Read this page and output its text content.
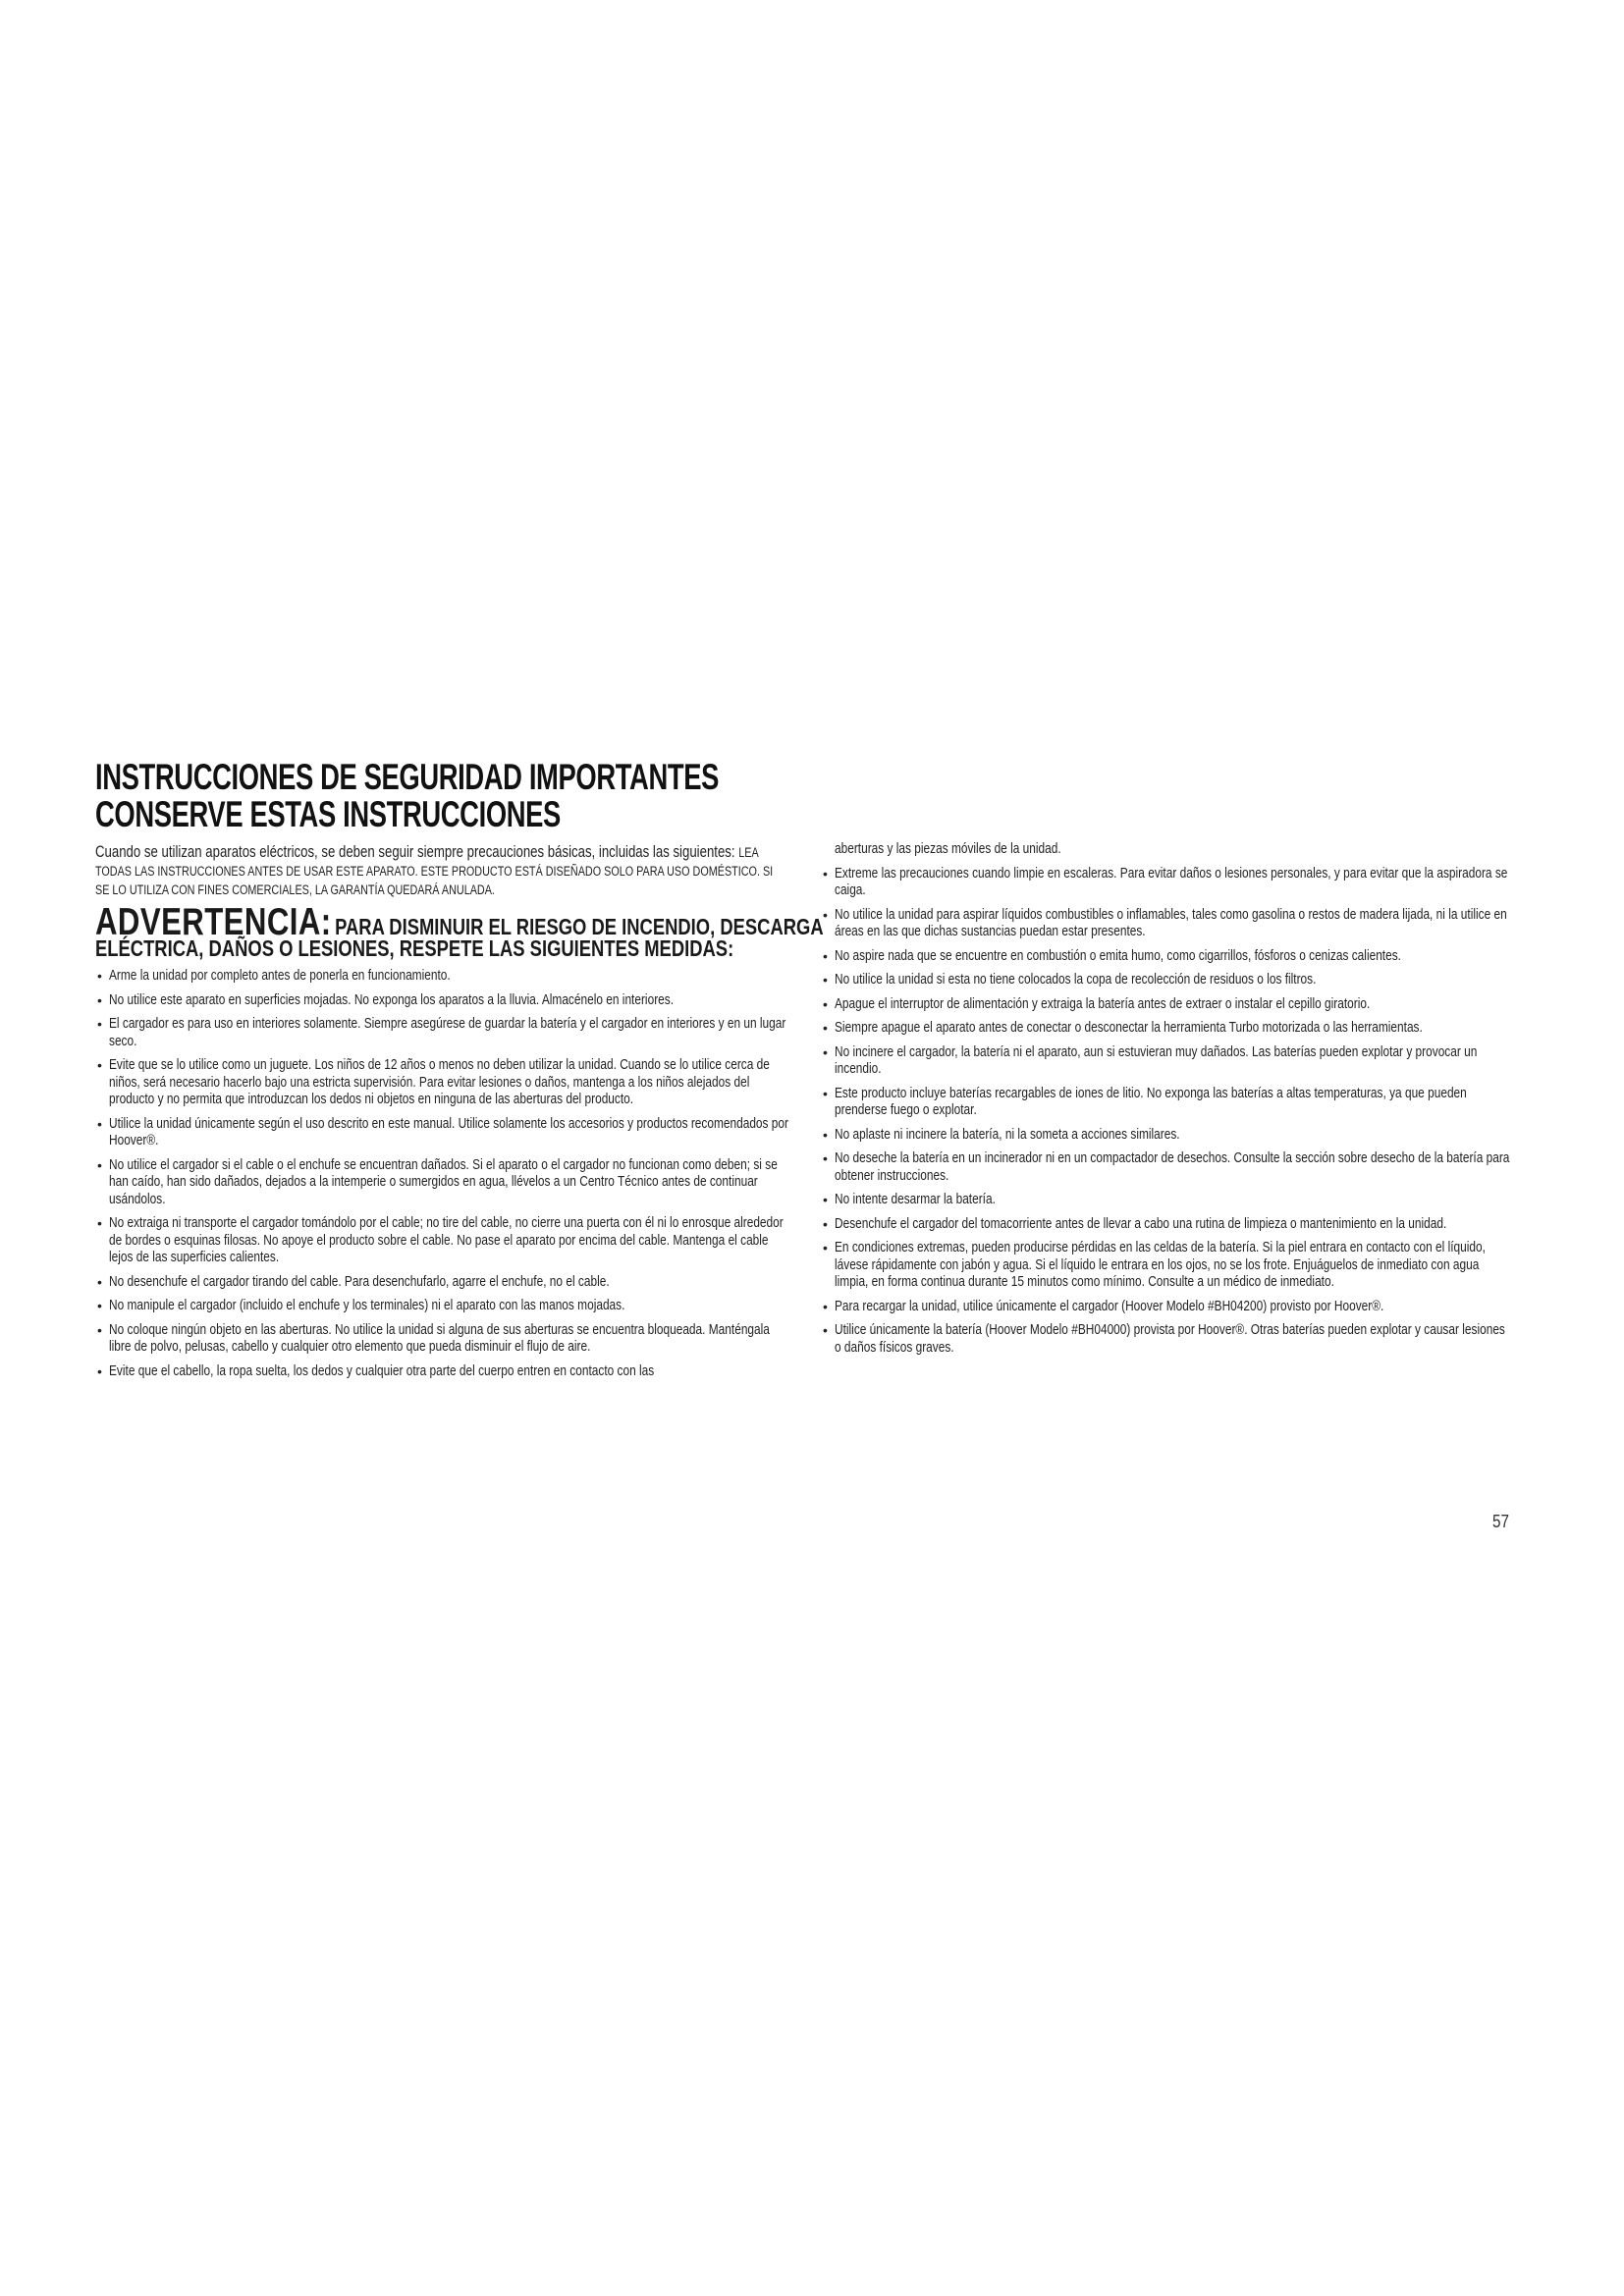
INSTRUCCIONES DE SEGURIDAD IMPORTANTES
CONSERVE ESTAS INSTRUCCIONES
Cuando se utilizan aparatos eléctricos, se deben seguir siempre precauciones básicas, incluidas las siguientes: LEA TODAS LAS INSTRUCCIONES ANTES DE USAR ESTE APARATO. ESTE PRODUCTO ESTÁ DISEÑADO SOLO PARA USO DOMÉSTICO. SI SE LO UTILIZA CON FINES COMERCIALES, LA GARANTÍA QUEDARÁ ANULADA.
ADVERTENCIA: PARA DISMINUIR EL RIESGO DE INCENDIO, DESCARGA
ELÉCTRICA, DAÑOS O LESIONES, RESPETE LAS SIGUIENTES MEDIDAS:
• Arme la unidad por completo antes de ponerla en funcionamiento.
• No utilice este aparato en superficies mojadas. No exponga los aparatos a la lluvia. Almacénelo en interiores.
• El cargador es para uso en interiores solamente. Siempre asegúrese de guardar la batería y el cargador en interiores y en un lugar seco.
• Evite que se lo utilice como un juguete. Los niños de 12 años o menos no deben utilizar la unidad. Cuando se lo utilice cerca de niños, será necesario hacerlo bajo una estricta supervisión. Para evitar lesiones o daños, mantenga a los niños alejados del producto y no permita que introduzcan los dedos ni objetos en ninguna de las aberturas del producto.
• Utilice la unidad únicamente según el uso descrito en este manual. Utilice solamente los accesorios y productos recomendados por Hoover®.
• No utilice el cargador si el cable o el enchufe se encuentran dañados. Si el aparato o el cargador no funcionan como deben; si se han caído, han sido dañados, dejados a la intemperie o sumergidos en agua, llévelos a un Centro Técnico antes de continuar usándolos.
• No extraiga ni transporte el cargador tomándolo por el cable; no tire del cable, no cierre una puerta con él ni lo enrosque alrededor de bordes o esquinas filosas. No apoye el producto sobre el cable. No pase el aparato por encima del cable. Mantenga el cable lejos de las superficies calientes.
• No desenchufe el cargador tirando del cable. Para desenchufarlo, agarre el enchufe, no el cable.
• No manipule el cargador (incluido el enchufe y los terminales) ni el aparato con las manos mojadas.
• No coloque ningún objeto en las aberturas. No utilice la unidad si alguna de sus aberturas se encuentra bloqueada. Manténgala libre de polvo, pelusas, cabello y cualquier otro elemento que pueda disminuir el flujo de aire.
• Evite que el cabello, la ropa suelta, los dedos y cualquier otra parte del cuerpo entren en contacto con las
aberturas y las piezas móviles de la unidad.
• Extreme las precauciones cuando limpie en escaleras. Para evitar daños o lesiones personales, y para evitar que la aspiradora se caiga.
• No utilice la unidad para aspirar líquidos combustibles o inflamables, tales como gasolina o restos de madera lijada, ni la utilice en áreas en las que dichas sustancias puedan estar presentes.
• No aspire nada que se encuentre en combustión o emita humo, como cigarrillos, fósforos o cenizas calientes.
• No utilice la unidad si esta no tiene colocados la copa de recolección de residuos o los filtros.
• Apague el interruptor de alimentación y extraiga la batería antes de extraer o instalar el cepillo giratorio.
• Siempre apague el aparato antes de conectar o desconectar la herramienta Turbo motorizada o las herramientas.
• No incinere el cargador, la batería ni el aparato, aun si estuvieran muy dañados. Las baterías pueden explotar y provocar un incendio.
• Este producto incluye baterías recargables de iones de litio. No exponga las baterías a altas temperaturas, ya que pueden prenderse fuego o explotar.
• No aplaste ni incinere la batería, ni la someta a acciones similares.
• No deseche la batería en un incinerador ni en un compactador de desechos. Consulte la sección sobre desecho de la batería para obtener instrucciones.
• No intente desarmar la batería.
• Desenchufe el cargador del tomacorriente antes de llevar a cabo una rutina de limpieza o mantenimiento en la unidad.
• En condiciones extremas, pueden producirse pérdidas en las celdas de la batería. Si la piel entrara en contacto con el líquido, lávese rápidamente con jabón y agua. Si el líquido le entrara en los ojos, no se los frote. Enjuáguelos de inmediato con agua limpia, en forma continua durante 15 minutos como mínimo. Consulte a un médico de inmediato.
• Para recargar la unidad, utilice únicamente el cargador (Hoover Modelo #BH04200) provisto por Hoover®.
• Utilice únicamente la batería (Hoover Modelo #BH04000) provista por Hoover®. Otras baterías pueden explotar y causar lesiones o daños físicos graves.
57
